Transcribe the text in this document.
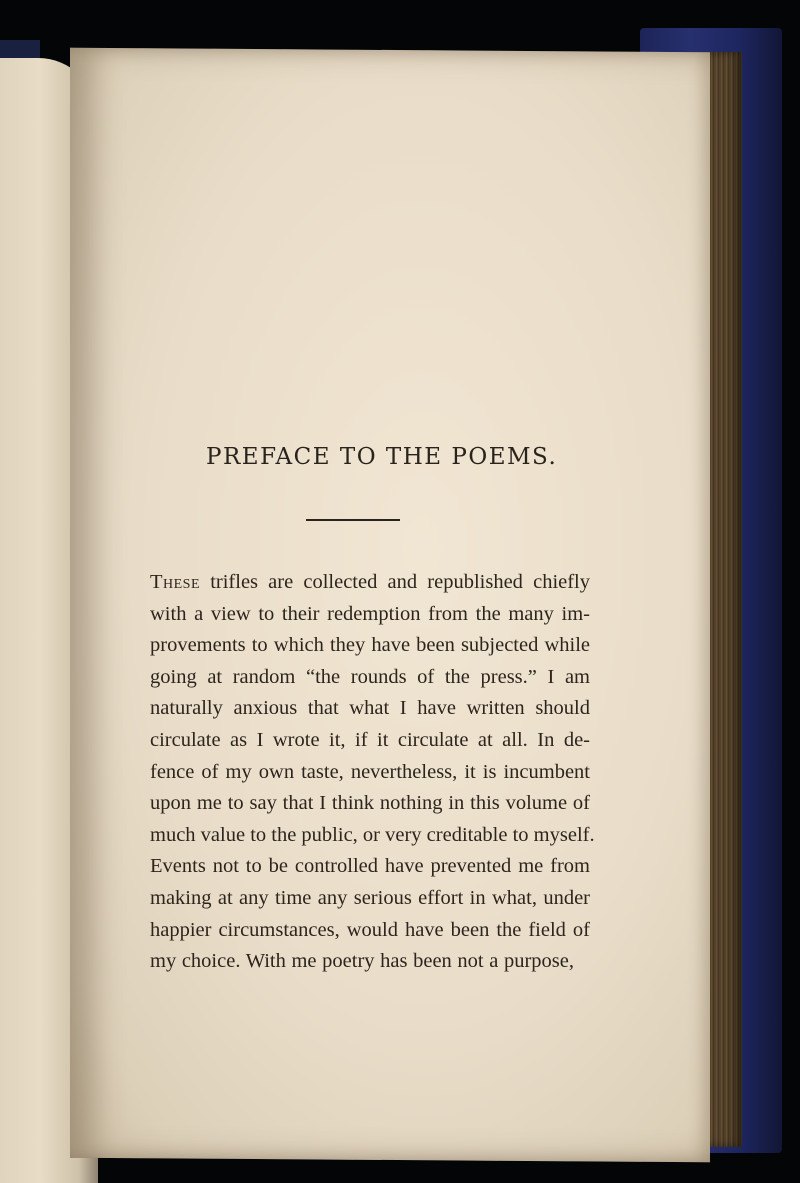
PREFACE TO THE POEMS.
These trifles are collected and republished chiefly
with a view to their redemption from the many im-
provements to which they have been subjected while
going at random “the rounds of the press.” I am
naturally anxious that what I have written should
circulate as I wrote it, if it circulate at all. In de-
fence of my own taste, nevertheless, it is incumbent
upon me to say that I think nothing in this volume of
much value to the public, or very creditable to myself.
Events not to be controlled have prevented me from
making at any time any serious effort in what, under
happier circumstances, would have been the field of
my choice. With me poetry has been not a purpose,
